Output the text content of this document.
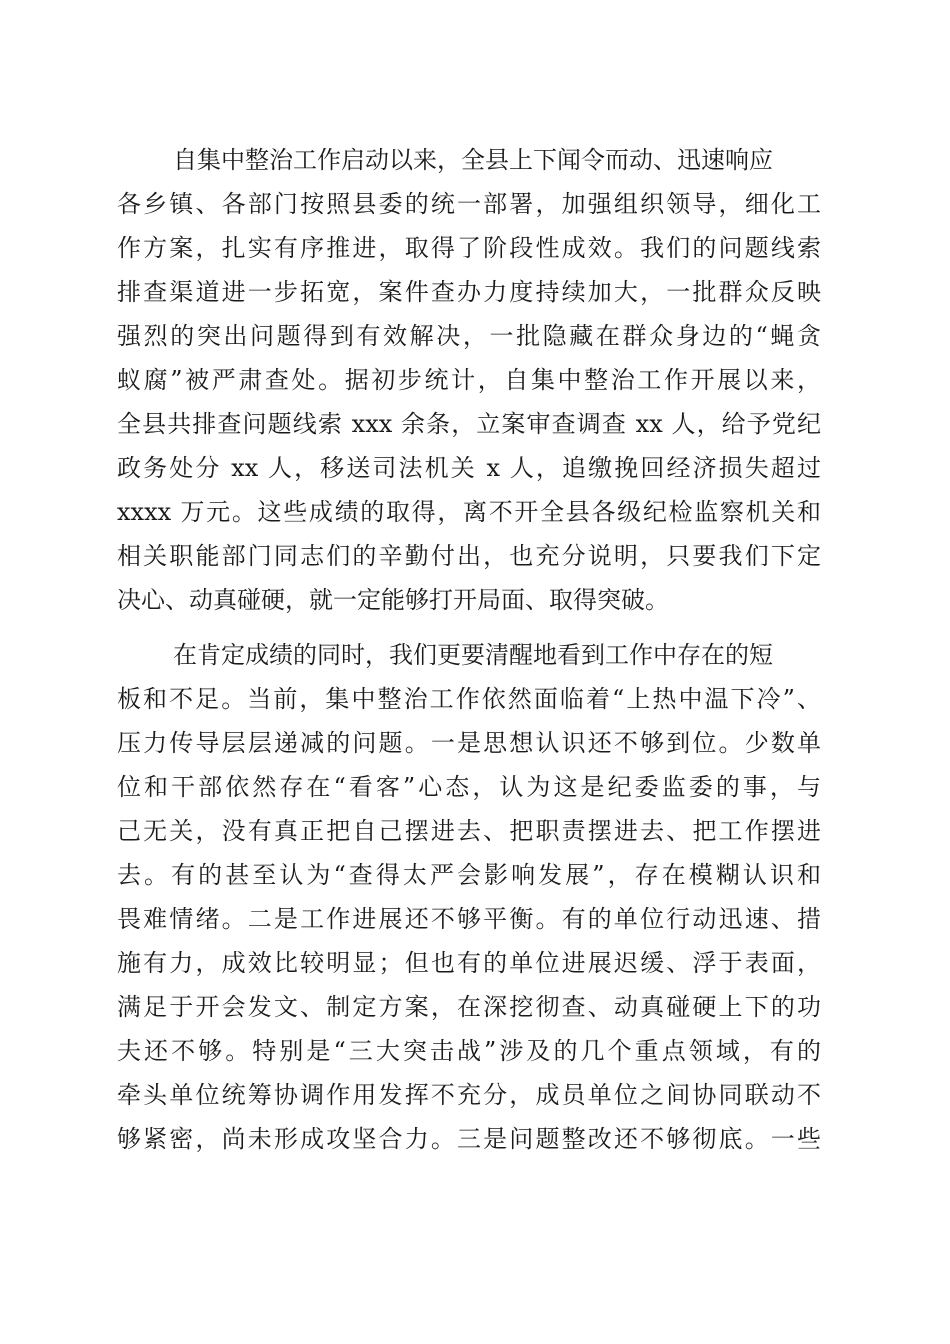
自集中整治工作启动以来，全县上下闻令而动、迅速响应
各乡镇、各部门按照县委的统一部署，加强组织领导，细化工
作方案，扎实有序推进，取得了阶段性成效。我们的问题线索
排查渠道进一步拓宽，案件查办力度持续加大，一批群众反映
强烈的突出问题得到有效解决，一批隐藏在群众身边的“蝇贪
蚁腐”被严肃查处。据初步统计，自集中整治工作开展以来，
全县共排查问题线索 xxx 余条，立案审查调查 xx 人，给予党纪
政务处分 xx 人，移送司法机关 x 人，追缴挽回经济损失超过
xxxx 万元。这些成绩的取得，离不开全县各级纪检监察机关和
相关职能部门同志们的辛勤付出，也充分说明，只要我们下定
决心、动真碰硬，就一定能够打开局面、取得突破。
在肯定成绩的同时，我们更要清醒地看到工作中存在的短
板和不足。当前，集中整治工作依然面临着“上热中温下冷”、
压力传导层层递减的问题。一是思想认识还不够到位。少数单
位和干部依然存在“看客”心态，认为这是纪委监委的事，与
己无关，没有真正把自己摆进去、把职责摆进去、把工作摆进
去。有的甚至认为“查得太严会影响发展”，存在模糊认识和
畏难情绪。二是工作进展还不够平衡。有的单位行动迅速、措
施有力，成效比较明显；但也有的单位进展迟缓、浮于表面，
满足于开会发文、制定方案，在深挖彻查、动真碰硬上下的功
夫还不够。特别是“三大突击战”涉及的几个重点领域，有的
牵头单位统筹协调作用发挥不充分，成员单位之间协同联动不
够紧密，尚未形成攻坚合力。三是问题整改还不够彻底。一些
